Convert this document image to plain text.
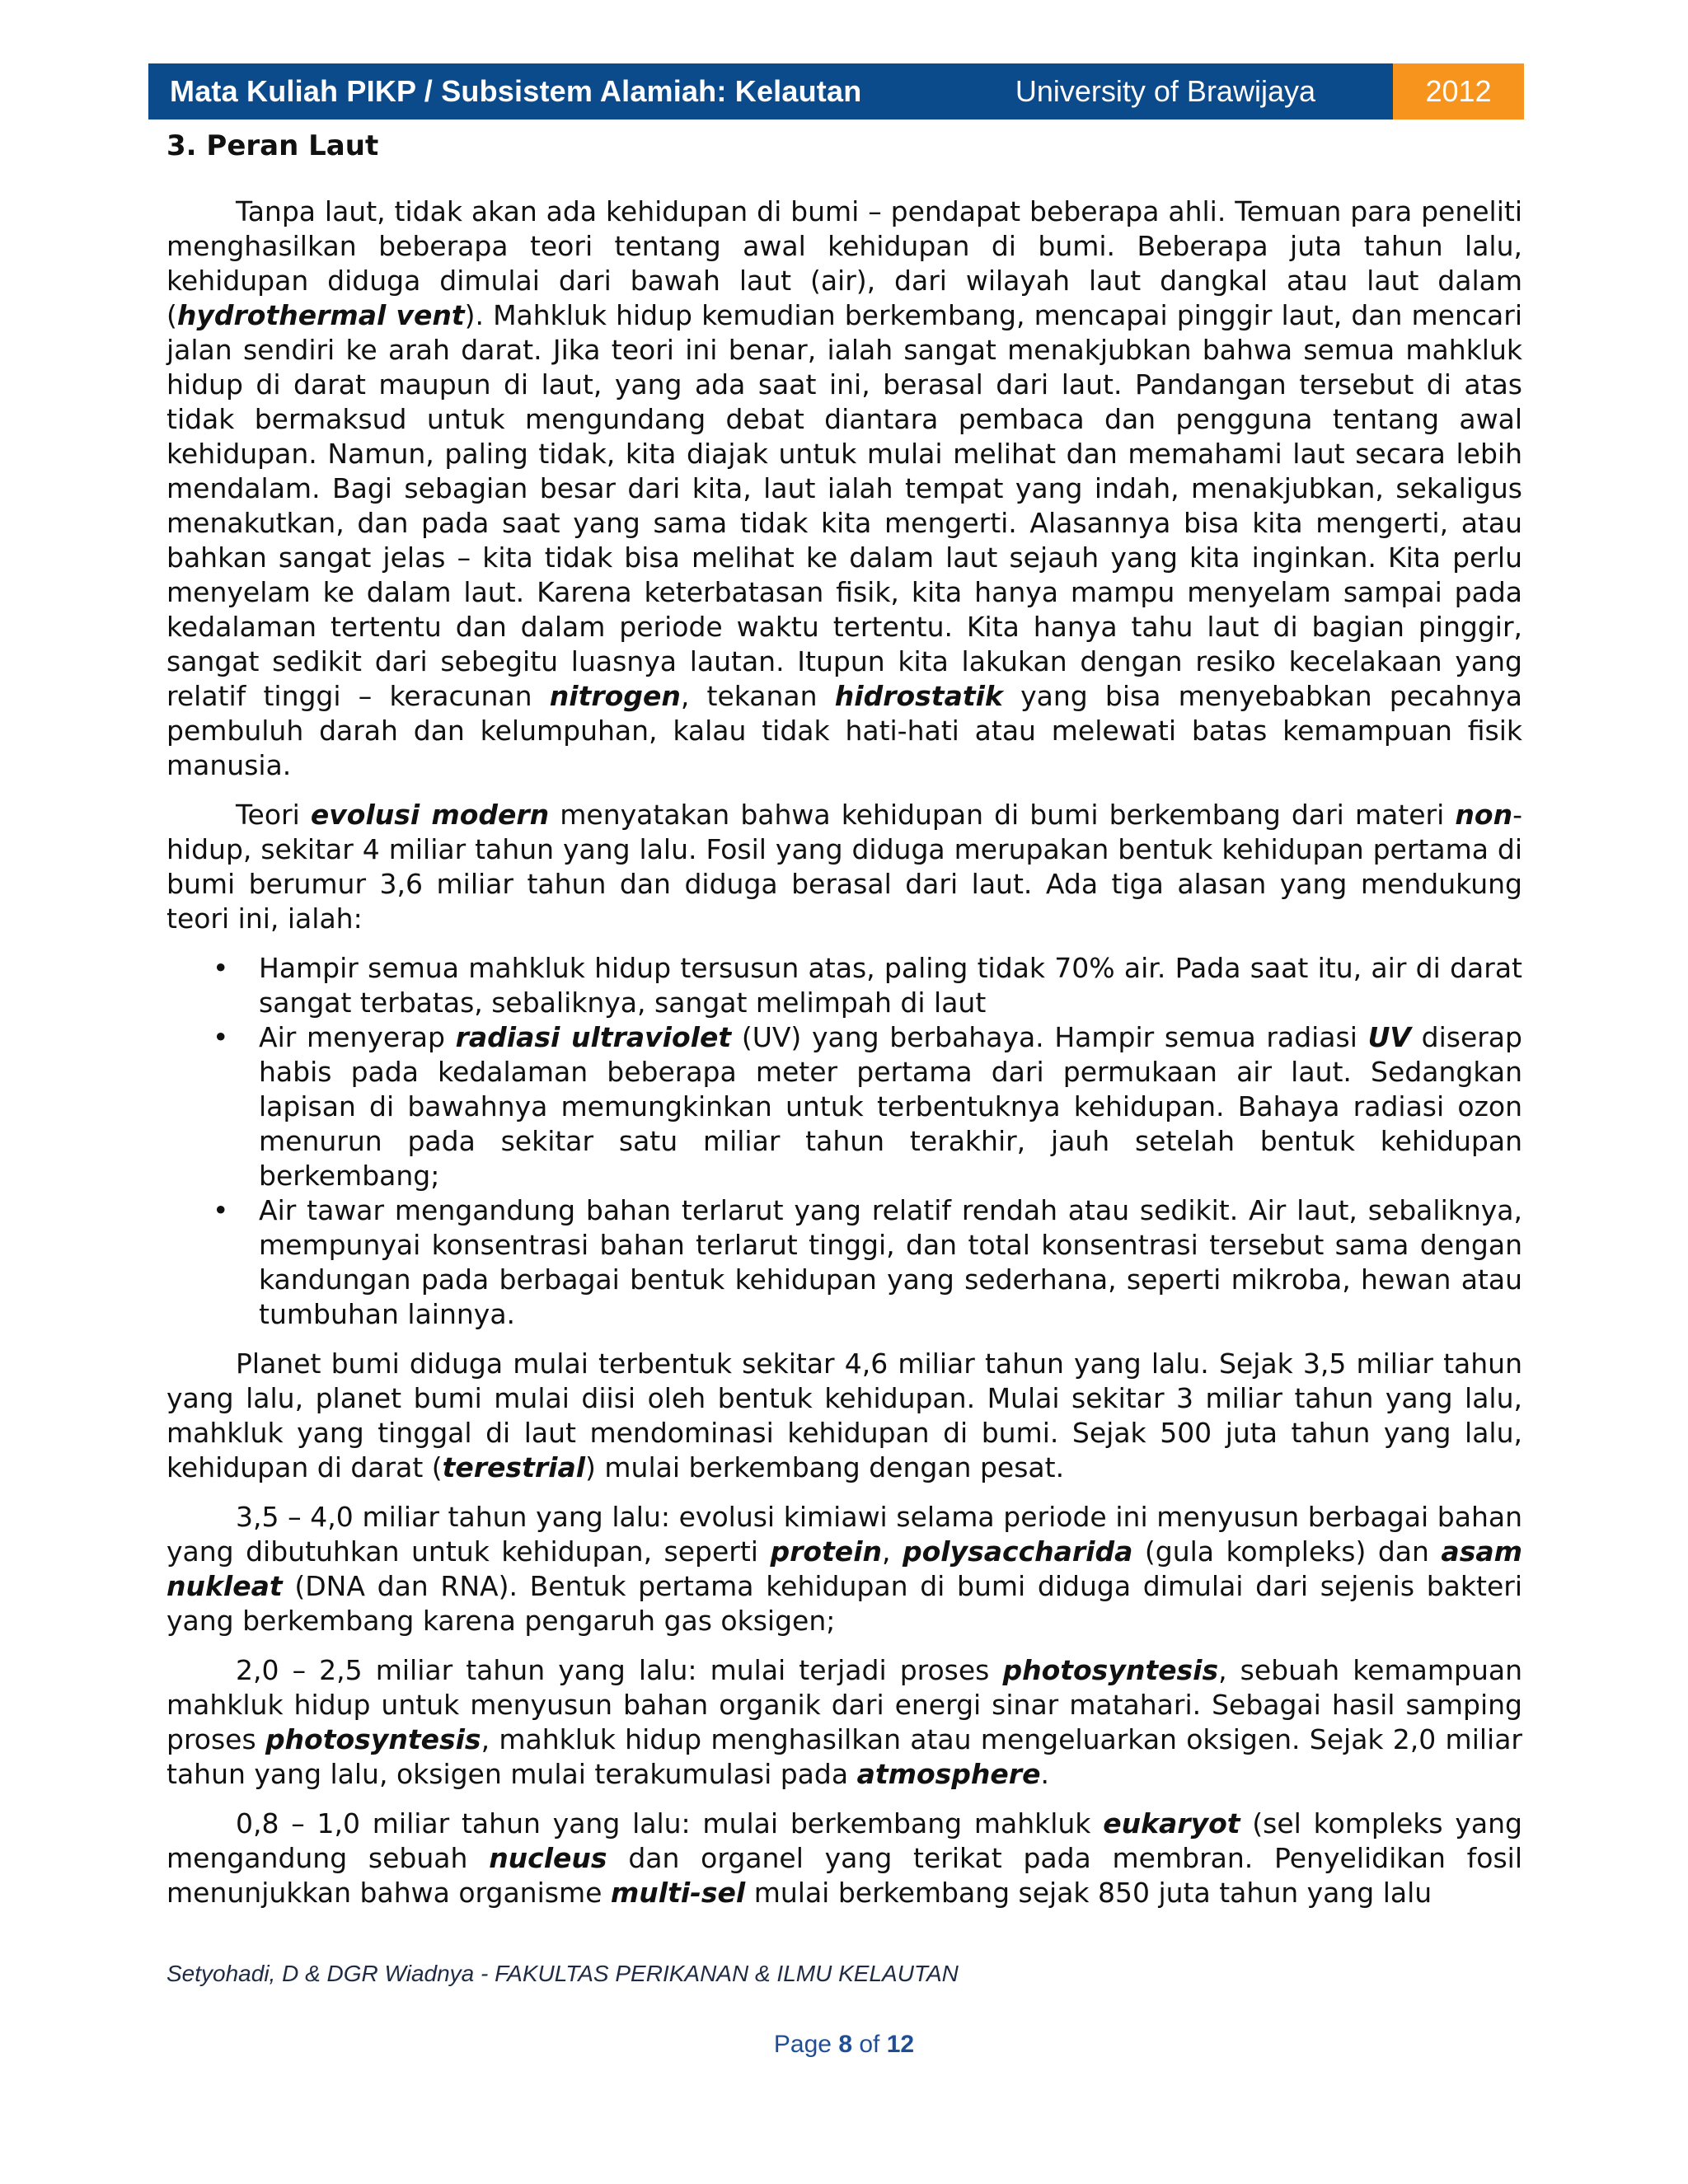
Mata Kuliah PIKP / Subsistem Alamiah: Kelautan	University of Brawijaya	2012
3. Peran Laut

Tanpa laut, tidak akan ada kehidupan di bumi – pendapat beberapa ahli. Temuan para peneliti menghasilkan beberapa teori tentang awal kehidupan di bumi. Beberapa juta tahun lalu, kehidupan diduga dimulai dari bawah laut (air), dari wilayah laut dangkal atau laut dalam (hydrothermal vent). Mahkluk hidup kemudian berkembang, mencapai pinggir laut, dan mencari jalan sendiri ke arah darat. Jika teori ini benar, ialah sangat menakjubkan bahwa semua mahkluk hidup di darat maupun di laut, yang ada saat ini, berasal dari laut. Pandangan tersebut di atas tidak bermaksud untuk mengundang debat diantara pembaca dan pengguna tentang awal kehidupan. Namun, paling tidak, kita diajak untuk mulai melihat dan memahami laut secara lebih mendalam. Bagi sebagian besar dari kita, laut ialah tempat yang indah, menakjubkan, sekaligus menakutkan, dan pada saat yang sama tidak kita mengerti. Alasannya bisa kita mengerti, atau bahkan sangat jelas – kita tidak bisa melihat ke dalam laut sejauh yang kita inginkan. Kita perlu menyelam ke dalam laut. Karena keterbatasan fisik, kita hanya mampu menyelam sampai pada kedalaman tertentu dan dalam periode waktu tertentu. Kita hanya tahu laut di bagian pinggir, sangat sedikit dari sebegitu luasnya lautan. Itupun kita lakukan dengan resiko kecelakaan yang relatif tinggi – keracunan nitrogen, tekanan hidrostatik yang bisa menyebabkan pecahnya pembuluh darah dan kelumpuhan, kalau tidak hati-hati atau melewati batas kemampuan fisik manusia.

Teori evolusi modern menyatakan bahwa kehidupan di bumi berkembang dari materi non-hidup, sekitar 4 miliar tahun yang lalu. Fosil yang diduga merupakan bentuk kehidupan pertama di bumi berumur 3,6 miliar tahun dan diduga berasal dari laut. Ada tiga alasan yang mendukung teori ini, ialah:

• Hampir semua mahkluk hidup tersusun atas, paling tidak 70% air. Pada saat itu, air di darat sangat terbatas, sebaliknya, sangat melimpah di laut
• Air menyerap radiasi ultraviolet (UV) yang berbahaya. Hampir semua radiasi UV diserap habis pada kedalaman beberapa meter pertama dari permukaan air laut. Sedangkan lapisan di bawahnya memungkinkan untuk terbentuknya kehidupan. Bahaya radiasi ozon menurun pada sekitar satu miliar tahun terakhir, jauh setelah bentuk kehidupan berkembang;
• Air tawar mengandung bahan terlarut yang relatif rendah atau sedikit. Air laut, sebaliknya, mempunyai konsentrasi bahan terlarut tinggi, dan total konsentrasi tersebut sama dengan kandungan pada berbagai bentuk kehidupan yang sederhana, seperti mikroba, hewan atau tumbuhan lainnya.

Planet bumi diduga mulai terbentuk sekitar 4,6 miliar tahun yang lalu. Sejak 3,5 miliar tahun yang lalu, planet bumi mulai diisi oleh bentuk kehidupan. Mulai sekitar 3 miliar tahun yang lalu, mahkluk yang tinggal di laut mendominasi kehidupan di bumi. Sejak 500 juta tahun yang lalu, kehidupan di darat (terestrial) mulai berkembang dengan pesat.

3,5 – 4,0 miliar tahun yang lalu: evolusi kimiawi selama periode ini menyusun berbagai bahan yang dibutuhkan untuk kehidupan, seperti protein, polysaccharida (gula kompleks) dan asam nukleat (DNA dan RNA). Bentuk pertama kehidupan di bumi diduga dimulai dari sejenis bakteri yang berkembang karena pengaruh gas oksigen;

2,0 – 2,5 miliar tahun yang lalu: mulai terjadi proses photosyntesis, sebuah kemampuan mahkluk hidup untuk menyusun bahan organik dari energi sinar matahari. Sebagai hasil samping proses photosyntesis, mahkluk hidup menghasilkan atau mengeluarkan oksigen. Sejak 2,0 miliar tahun yang lalu, oksigen mulai terakumulasi pada atmosphere.

0,8 – 1,0 miliar tahun yang lalu: mulai berkembang mahkluk eukaryot (sel kompleks yang mengandung sebuah nucleus dan organel yang terikat pada membran. Penyelidikan fosil menunjukkan bahwa organisme multi-sel mulai berkembang sejak 850 juta tahun yang lalu

Setyohadi, D & DGR Wiadnya - FAKULTAS PERIKANAN & ILMU KELAUTAN
Page 8 of 12
